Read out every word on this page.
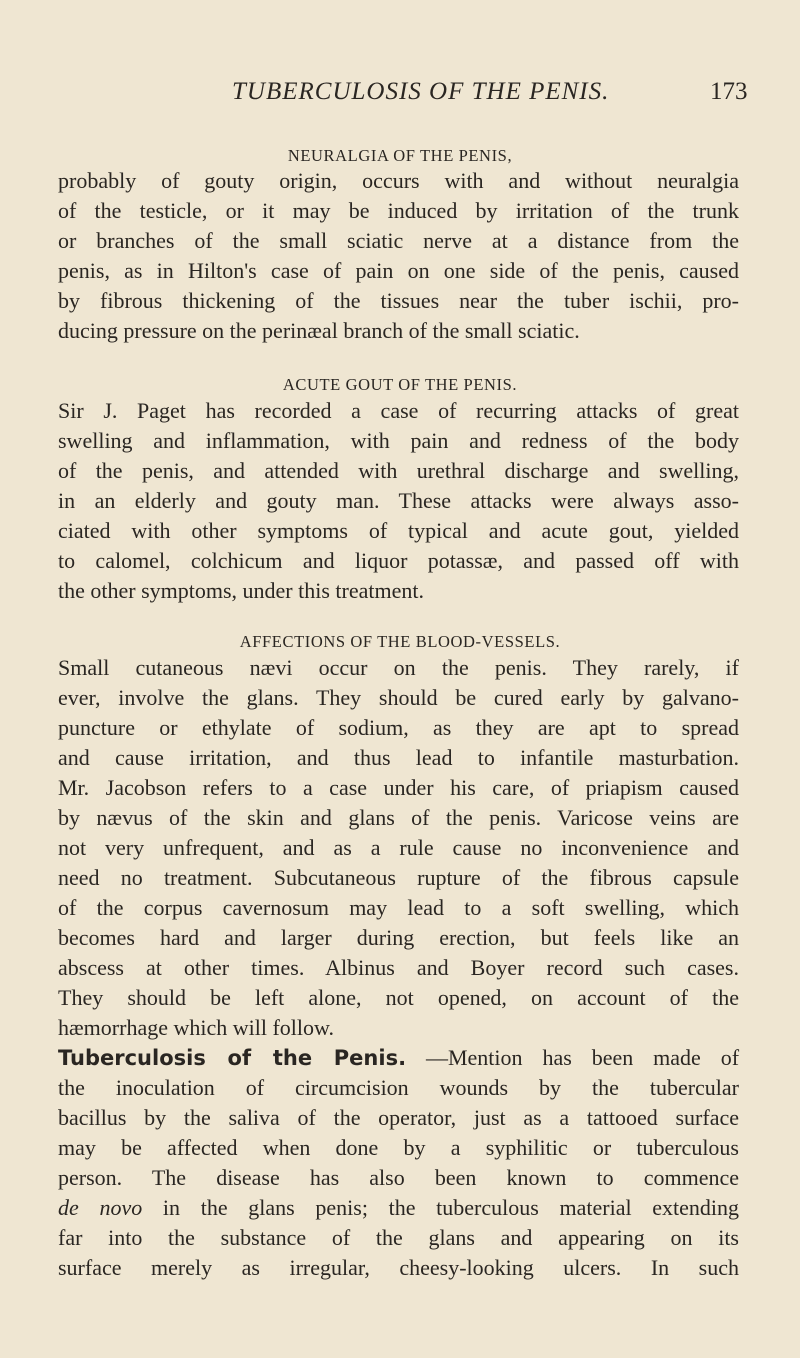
TUBERCULOSIS OF THE PENIS.	173
NEURALGIA OF THE PENIS,
probably of gouty origin, occurs with and without neuralgia
of the testicle, or it may be induced by irritation of the trunk
or branches of the small sciatic nerve at a distance from the
penis, as in Hilton's case of pain on one side of the penis, caused
by fibrous thickening of the tissues near the tuber ischii, pro-
ducing pressure on the perinæal branch of the small sciatic.
ACUTE GOUT OF THE PENIS.
Sir J. Paget has recorded a case of recurring attacks of great
swelling and inflammation, with pain and redness of the body
of the penis, and attended with urethral discharge and swelling,
in an elderly and gouty man. These attacks were always asso-
ciated with other symptoms of typical and acute gout, yielded
to calomel, colchicum and liquor potassæ, and passed off with
the other symptoms, under this treatment.
AFFECTIONS OF THE BLOOD-VESSELS.
Small cutaneous nævi occur on the penis. They rarely, if
ever, involve the glans. They should be cured early by galvano-
puncture or ethylate of sodium, as they are apt to spread
and cause irritation, and thus lead to infantile masturbation.
Mr. Jacobson refers to a case under his care, of priapism caused
by nævus of the skin and glans of the penis. Varicose veins are
not very unfrequent, and as a rule cause no inconvenience and
need no treatment. Subcutaneous rupture of the fibrous capsule
of the corpus cavernosum may lead to a soft swelling, which
becomes hard and larger during erection, but feels like an
abscess at other times. Albinus and Boyer record such cases.
They should be left alone, not opened, on account of the
hæmorrhage which will follow.
Tuberculosis of the Penis. —Mention has been made of
the inoculation of circumcision wounds by the tubercular
bacillus by the saliva of the operator, just as a tattooed surface
may be affected when done by a syphilitic or tuberculous
person. The disease has also been known to commence
de novo in the glans penis; the tuberculous material extending
far into the substance of the glans and appearing on its
surface merely as irregular, cheesy-looking ulcers. In such
